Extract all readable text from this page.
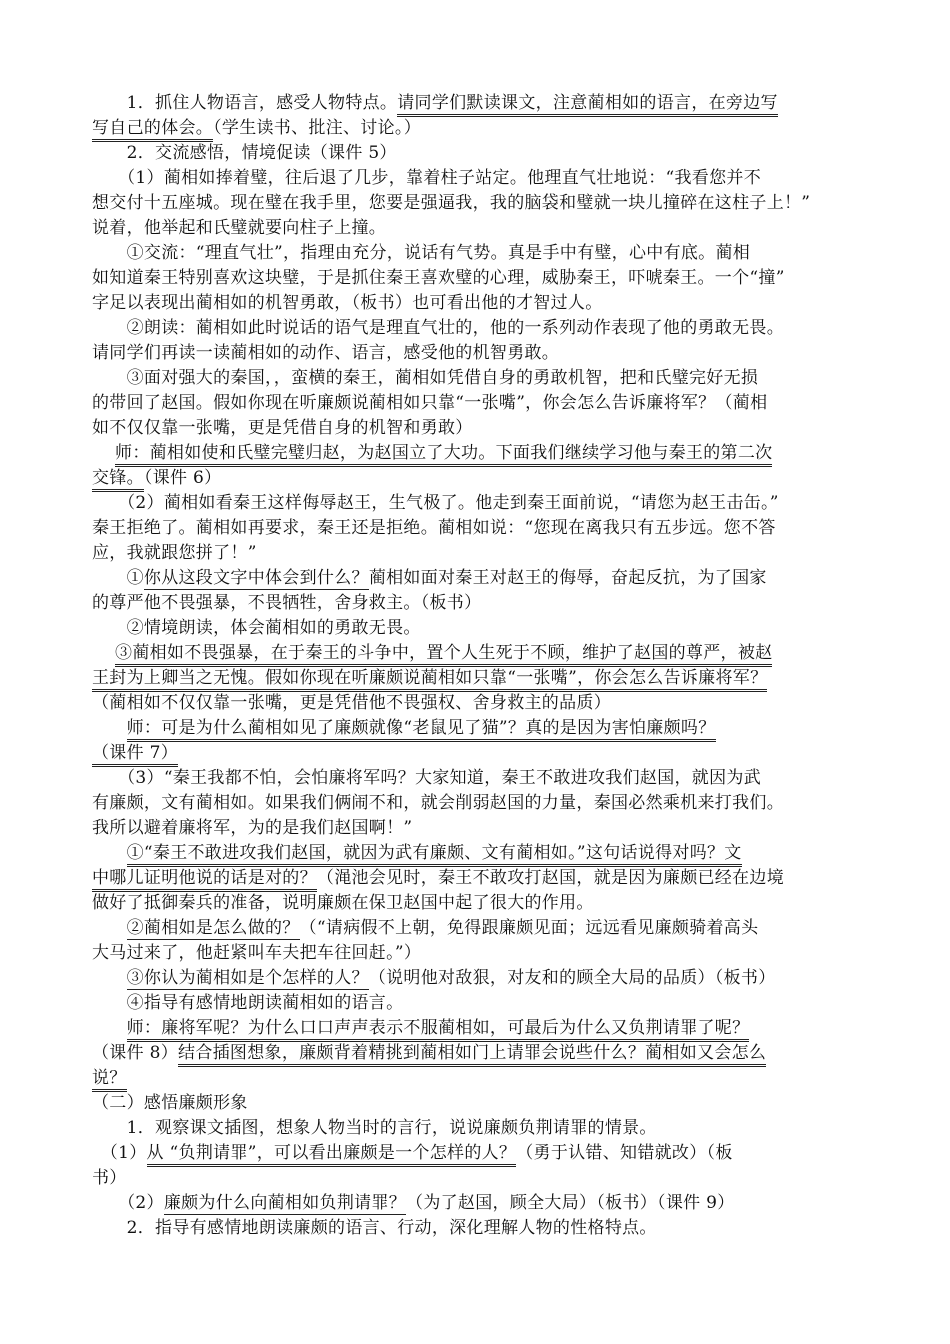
　　1．抓住人物语言，感受人物特点。请同学们默读课文，注意蔺相如的语言，在旁边写
写自己的体会。（学生读书、批注、讨论。）
　　2．交流感悟，情境促读（课件 5）
　　（1）蔺相如捧着璧，往后退了几步，靠着柱子站定。他理直气壮地说：“我看您并不
想交付十五座城。现在璧在我手里，您要是强逼我，我的脑袋和璧就一块儿撞碎在这柱子上！”
说着，他举起和氏璧就要向柱子上撞。
　　①交流：“理直气壮”，指理由充分，说话有气势。真是手中有璧，心中有底。蔺相
如知道秦王特别喜欢这块璧，于是抓住秦王喜欢璧的心理，威胁秦王，吓唬秦王。一个“撞”
字足以表现出蔺相如的机智勇敢，（板书）也可看出他的才智过人。
　　②朗读：蔺相如此时说话的语气是理直气壮的，他的一系列动作表现了他的勇敢无畏。
请同学们再读一读蔺相如的动作、语言，感受他的机智勇敢。
　　③面对强大的秦国，，蛮横的秦王，蔺相如凭借自身的勇敢机智，把和氏璧完好无损
的带回了赵国。假如你现在听廉颇说蔺相如只靠“一张嘴”，你会怎么告诉廉将军？（蔺相
如不仅仅靠一张嘴，更是凭借自身的机智和勇敢）
　 师：蔺相如使和氏璧完璧归赵，为赵国立了大功。下面我们继续学习他与秦王的第二次
交锋。（课件 6）
　　（2）蔺相如看秦王这样侮辱赵王，生气极了。他走到秦王面前说，“请您为赵王击缶。”
秦王拒绝了。蔺相如再要求，秦王还是拒绝。蔺相如说：“您现在离我只有五步远。您不答
应，我就跟您拼了！”
　　①你从这段文字中体会到什么？蔺相如面对秦王对赵王的侮辱，奋起反抗，为了国家
的尊严他不畏强暴，不畏牺牲，舍身救主。（板书）
　　②情境朗读，体会蔺相如的勇敢无畏。
　 ③蔺相如不畏强暴，在于秦王的斗争中，置个人生死于不顾，维护了赵国的尊严，被赵
王封为上卿当之无愧。假如你现在听廉颇说蔺相如只靠“一张嘴”，你会怎么告诉廉将军？
（蔺相如不仅仅靠一张嘴，更是凭借他不畏强权、舍身救主的品质）
　　师：可是为什么蔺相如见了廉颇就像“老鼠见了猫”？真的是因为害怕廉颇吗？
（课件 7）
　　（3）“秦王我都不怕，会怕廉将军吗？大家知道，秦王不敢进攻我们赵国，就因为武
有廉颇，文有蔺相如。如果我们俩闹不和，就会削弱赵国的力量，秦国必然乘机来打我们。
我所以避着廉将军，为的是我们赵国啊！”
　　①“秦王不敢进攻我们赵国，就因为武有廉颇、文有蔺相如。”这句话说得对吗？文
中哪儿证明他说的话是对的？（渑池会见时，秦王不敢攻打赵国，就是因为廉颇已经在边境
做好了抵御秦兵的准备，说明廉颇在保卫赵国中起了很大的作用。
　　②蔺相如是怎么做的？（“请病假不上朝，免得跟廉颇见面；远远看见廉颇骑着高头
大马过来了，他赶紧叫车夫把车往回赶。”）
　　③你认为蔺相如是个怎样的人？（说明他对敌狠，对友和的顾全大局的品质）（板书）
　　④指导有感情地朗读蔺相如的语言。
　　师：廉将军呢？为什么口口声声表示不服蔺相如，可最后为什么又负荆请罪了呢？
（课件 8）结合插图想象，廉颇背着精挑到蔺相如门上请罪会说些什么？蔺相如又会怎么
说？
（二）感悟廉颇形象
　　1．观察课文插图，想象人物当时的言行，说说廉颇负荆请罪的情景。
　（1）从 “负荆请罪”，可以看出廉颇是一个怎样的人？（勇于认错、知错就改）（板
书）
　　（2）廉颇为什么向蔺相如负荆请罪？（为了赵国，顾全大局）（板书）（课件 9）
　　2．指导有感情地朗读廉颇的语言、行动，深化理解人物的性格特点。
